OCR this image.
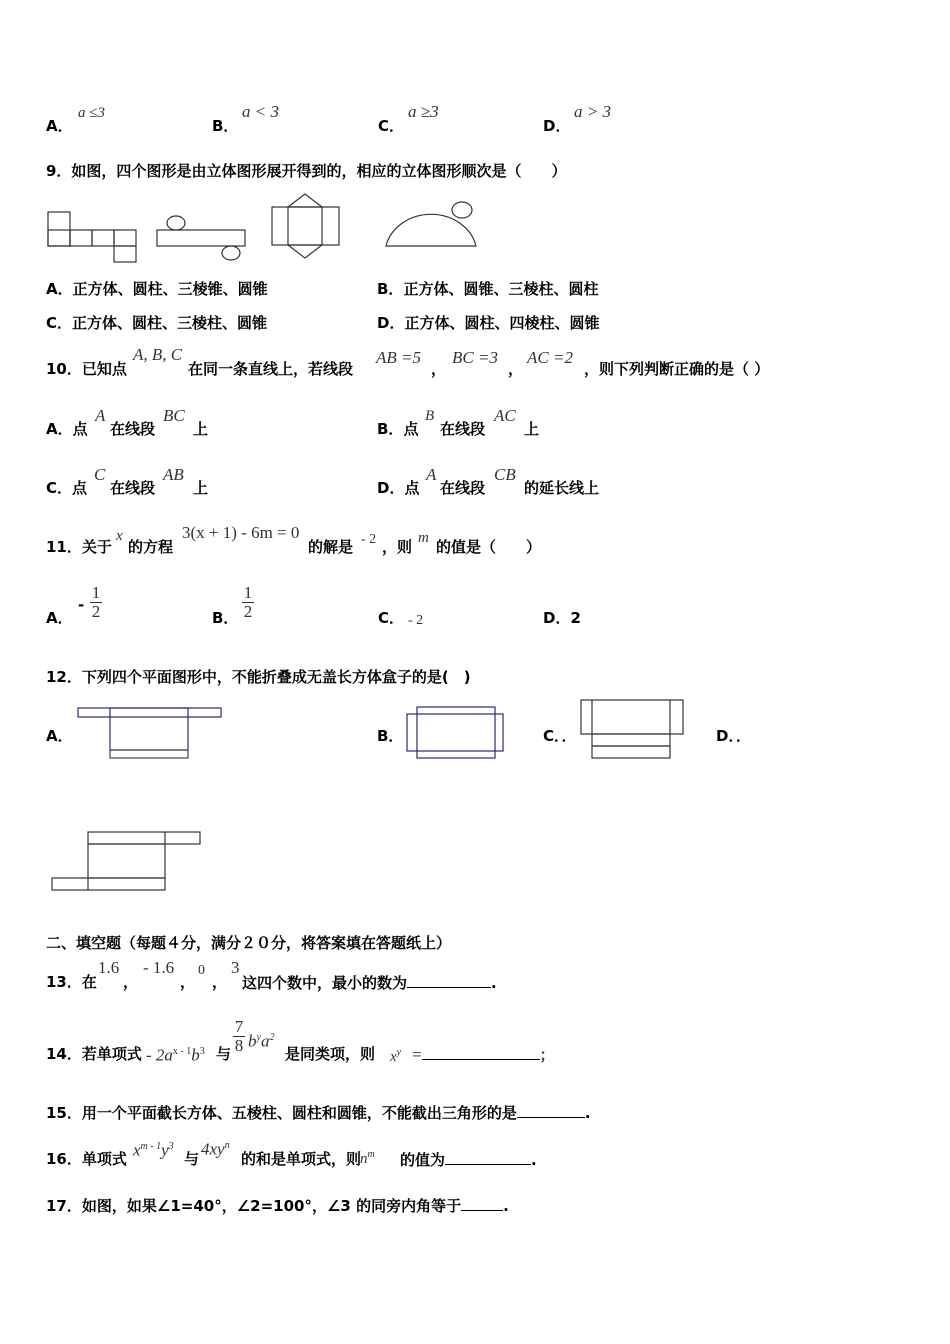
A．
a ≤3
B．
a < 3
C．
a ≥3
D．
a > 3
9．如图，四个图形是由立体图形展开得到的，相应的立体图形顺次是（　　）
A．正方体、圆柱、三棱锥、圆锥	B．正方体、圆锥、三棱柱、圆柱
C．正方体、圆柱、三棱柱、圆锥	D．正方体、圆柱、四棱柱、圆锥
10．已知点
A, B, C
在同一条直线上，若线段
AB =5
，
BC =3
，
AC =2
，则下列判断正确的是（ ）
A．点
A
在线段
BC
上	B．点
B
在线段
AC
上
C．点
C
在线段
AB
上	D．点
A
在线段
CB
的延长线上
11．关于
x
的方程
3(x + 1) - 6m = 0
的解是 - 2 ，则 m 的值是（　　）
A．
-
1
2	B．
1
2	C． - 2	D．2
12．下列四个平面图形中，不能折叠成无盖长方体盒子的是(　)
A．	B．	C．．	D．．
二、填空题（每题４分，满分２０分，将答案填在答题纸上）
13．在
1.6
，
- 1.6
，
0
，
3
这四个数中，最小的数为	.
14．若单项式 - $2a^{x - 1}b^3$ 与
7
8 $b^ya^2$
是同类项，则 $x^y$ =	；
15．用一个平面截长方体、五棱柱、圆柱和圆锥，不能截出三角形的是	.
16．单项式 $x^{m - 1}y^3$
与
$4xy^n$
的和是单项式，则
$n^m$ 的值为	.
17．如图，如果∠1=40°，∠2=100°，∠3 的同旁内角等于	.
